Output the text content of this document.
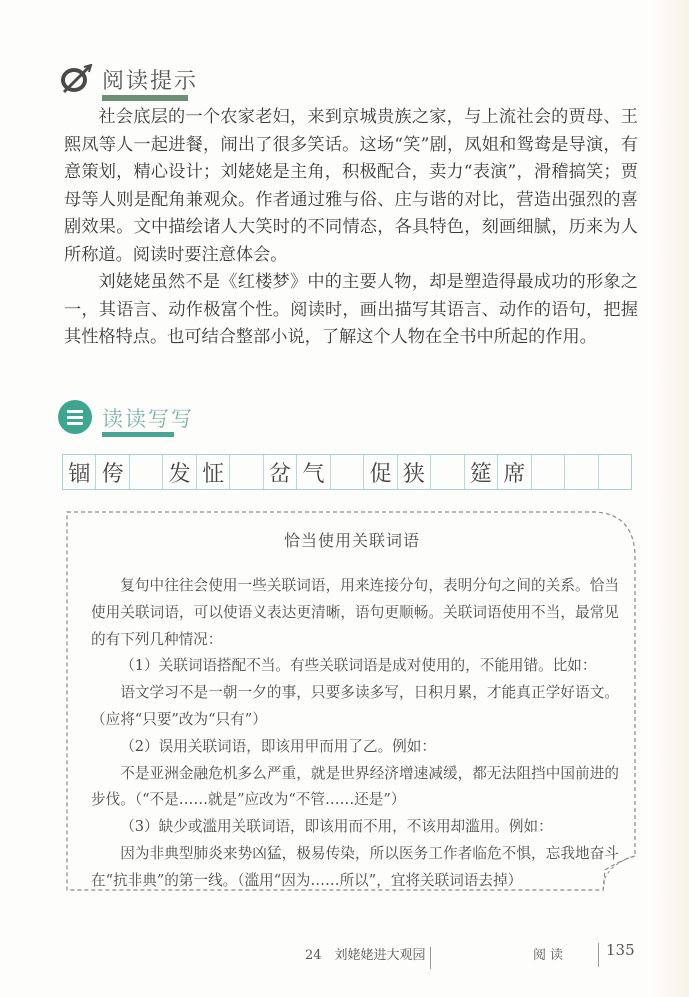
阅读提示

社会底层的一个农家老妇，来到京城贵族之家，与上流社会的贾母、王熙凤等人一起进餐，闹出了很多笑话。这场“笑”剧，凤姐和鸳鸯是导演，有意策划，精心设计；刘姥姥是主角，积极配合，卖力“表演”，滑稽搞笑；贾母等人则是配角兼观众。作者通过雅与俗、庄与谐的对比，营造出强烈的喜剧效果。文中描绘诸人大笑时的不同情态，各具特色，刻画细腻，历来为人所称道。阅读时要注意体会。

刘姥姥虽然不是《红楼梦》中的主要人物，却是塑造得最成功的形象之一，其语言、动作极富个性。阅读时，画出描写其语言、动作的语句，把握其性格特点。也可结合整部小说，了解这个人物在全书中所起的作用。

读读写写
锢 侉 发 怔 岔 气 促 狭 筵 席
恰当使用关联词语

复句中往往会使用一些关联词语，用来连接分句，表明分句之间的关系。恰当使用关联词语，可以使语义表达更清晰，语句更顺畅。关联词语使用不当，最常见的有下列几种情况：

（1）关联词语搭配不当。有些关联词语是成对使用的，不能用错。比如：

语文学习不是一朝一夕的事，只要多读多写，日积月累，才能真正学好语文。（应将“只要”改为“只有”）

（2）误用关联词语，即该用甲而用了乙。例如：

不是亚洲金融危机多么严重，就是世界经济增速减缓，都无法阻挡中国前进的步伐。（“不是……就是”应改为“不管……还是”）

（3）缺少或滥用关联词语，即该用而不用，不该用却滥用。例如：

因为非典型肺炎来势凶猛，极易传染，所以医务工作者临危不惧，忘我地奋斗在“抗非典”的第一线。（滥用“因为……所以”，宜将关联词语去掉）

24　刘姥姥进大观园	阅读	135
